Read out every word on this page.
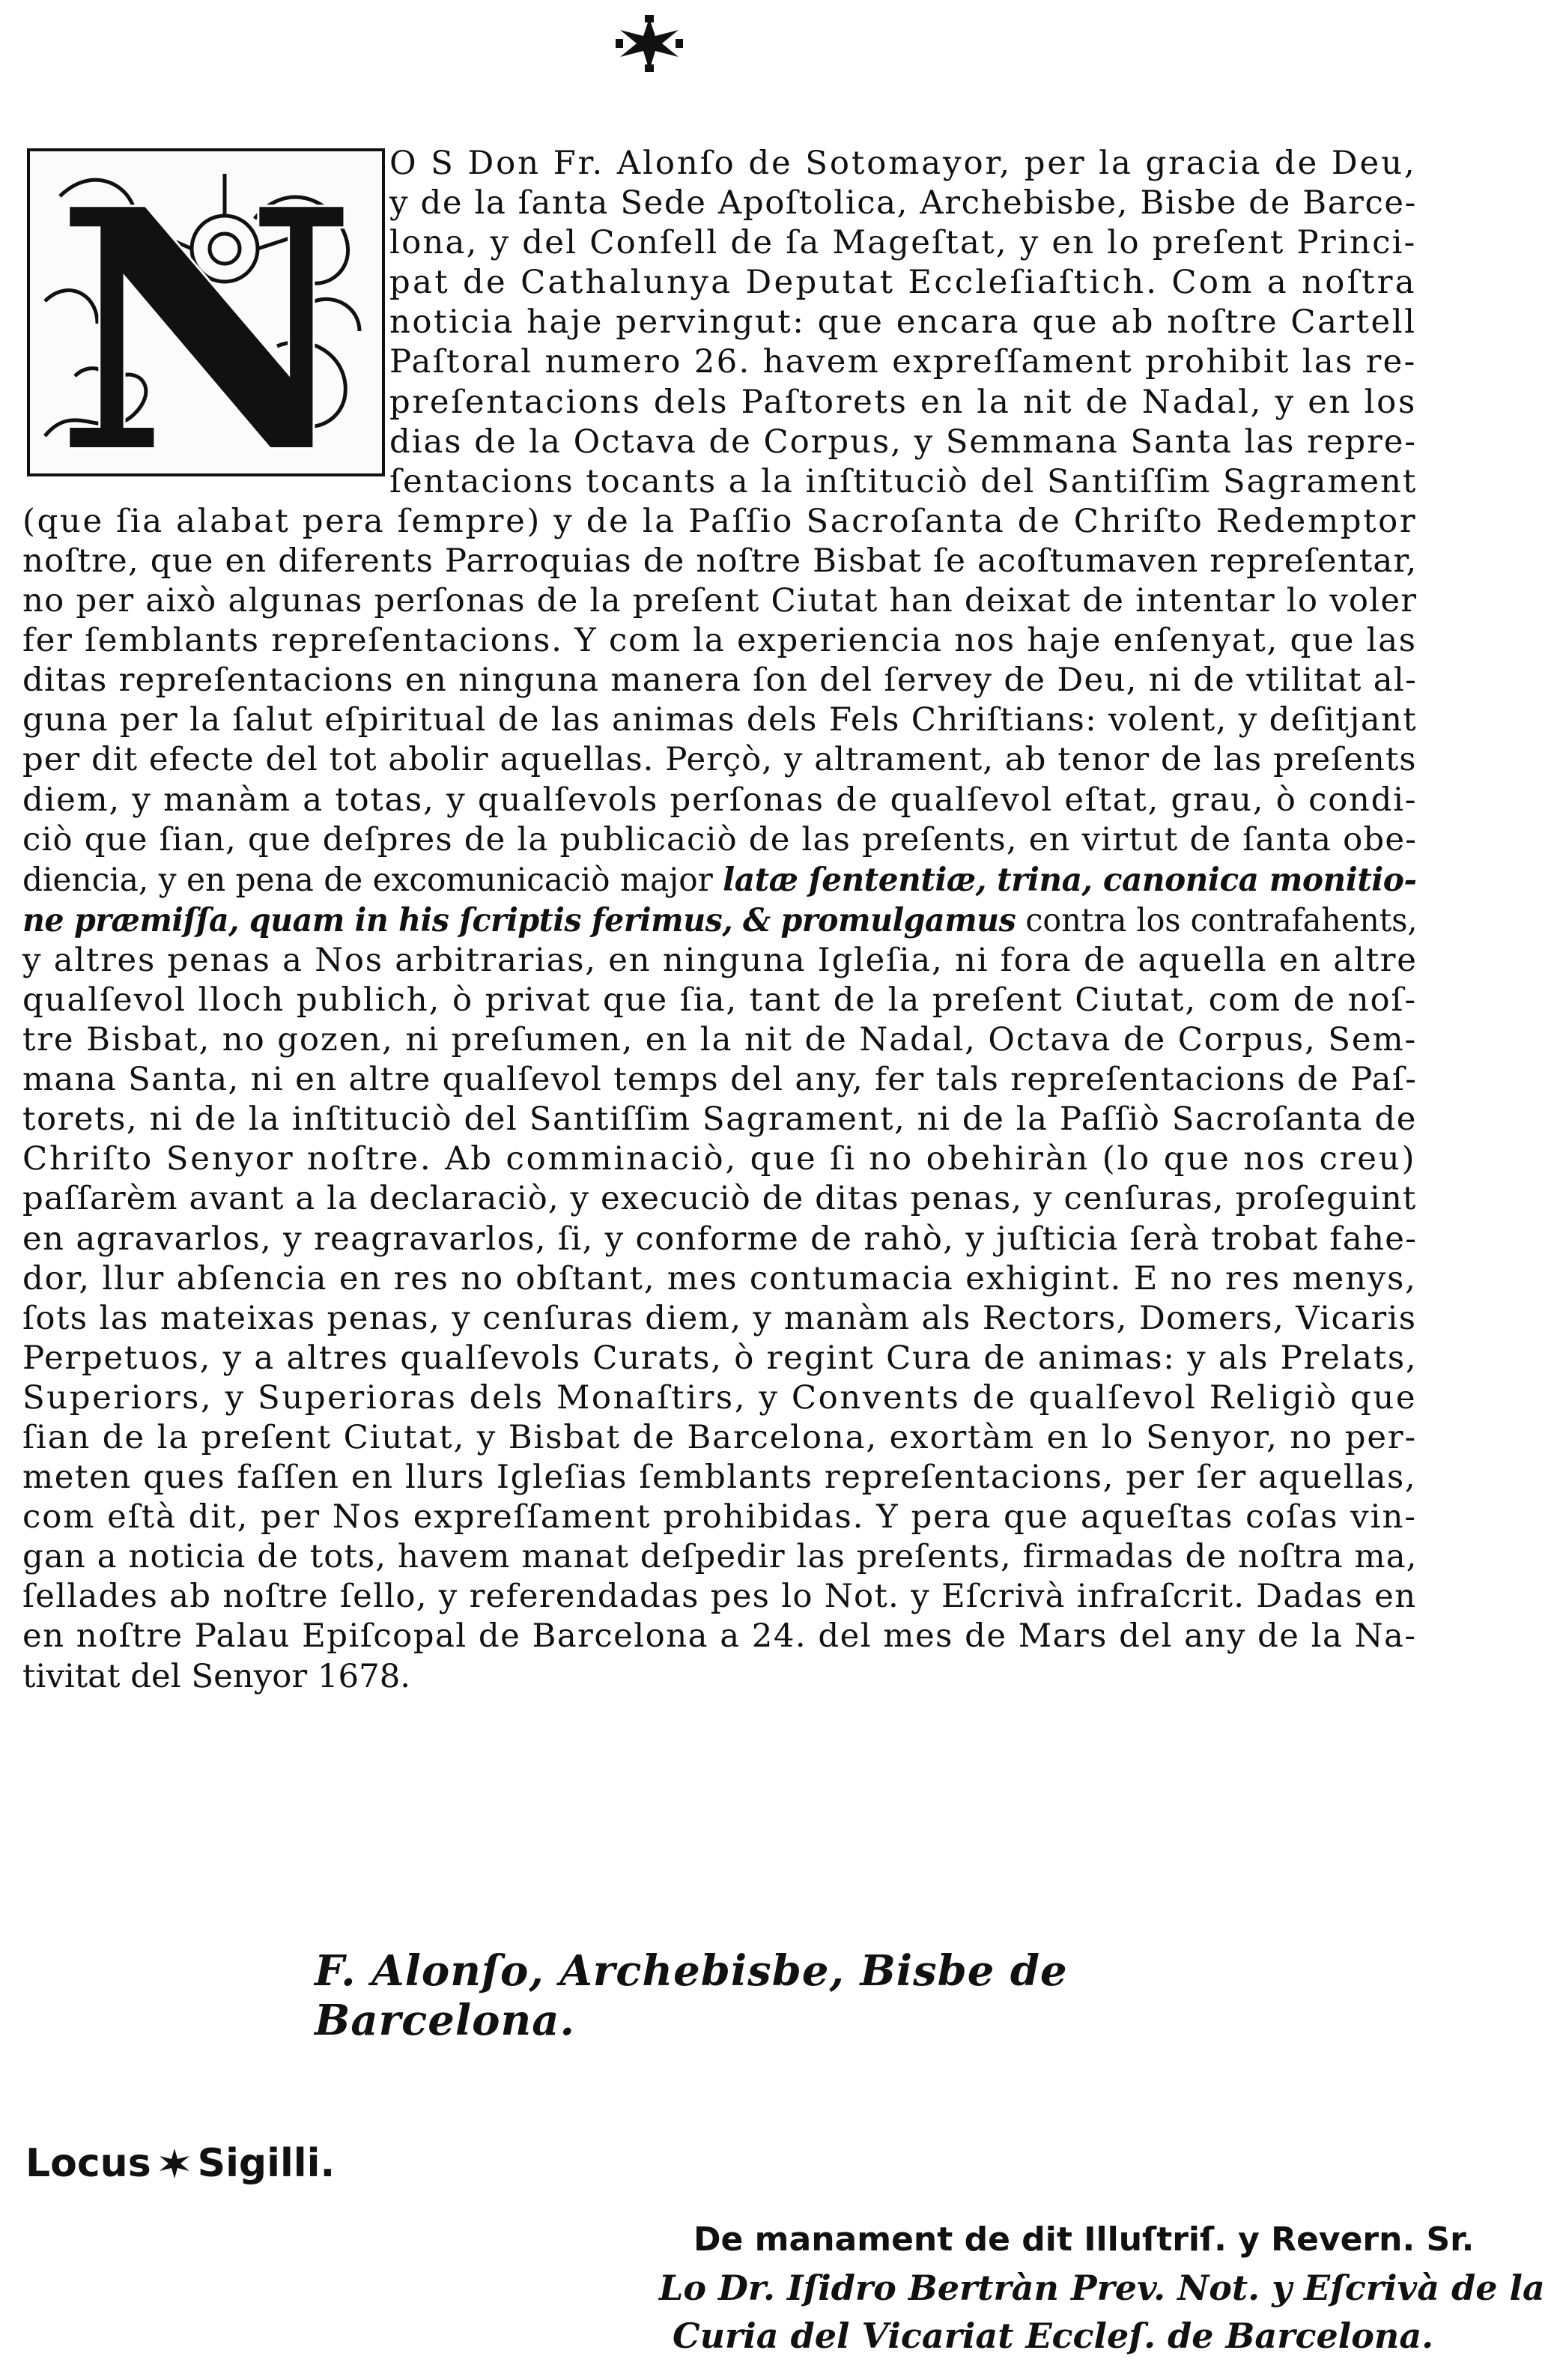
N O S Don Fr. Alonſo de Sotomayor, per la gracia de Deu,
y de la ſanta Sede Apoſtolica, Archebisbe, Bisbe de Barce-
lona, y del Conſell de ſa Mageſtat, y en lo preſent Princi-
pat de Cathalunya Deputat Eccleſiaſtich. Com a noſtra
noticia haje pervingut: que encara que ab noſtre Cartell
Paſtoral numero 26. havem expreſſament prohibit las re-
preſentacions dels Paſtorets en la nit de Nadal, y en los
dias de la Octava de Corpus, y Semmana Santa las repre-
ſentacions tocants a la inſtituciò del Santiſſim Sagrament
(que ſia alabat pera ſempre) y de la Paſſio Sacroſanta de Chriſto Redemptor
noſtre, que en diferents Parroquias de noſtre Bisbat ſe acoſtumaven repreſentar,
no per això algunas perſonas de la preſent Ciutat han deixat de intentar lo voler
fer ſemblants repreſentacions. Y com la experiencia nos haje enſenyat, que las
ditas repreſentacions en ninguna manera ſon del ſervey de Deu, ni de vtilitat al-
guna per la ſalut eſpiritual de las animas dels Fels Chriſtians: volent, y deſitjant
per dit efecte del tot abolir aquellas. Perçò, y altrament, ab tenor de las preſents
diem, y manàm a totas, y qualſevols perſonas de qualſevol eſtat, grau, ò condi-
ciò que ſian, que deſpres de la publicaciò de las preſents, en virtut de ſanta obe-
diencia, y en pena de excomunicaciò major latæ ſententiæ, trina, canonica monitio-
ne præmiſſa, quam in his ſcriptis ferimus, & promulgamus contra los contrafahents,
y altres penas a Nos arbitrarias, en ninguna Igleſia, ni fora de aquella en altre
qualſevol lloch publich, ò privat que ſia, tant de la preſent Ciutat, com de noſ-
tre Bisbat, no gozen, ni preſumen, en la nit de Nadal, Octava de Corpus, Sem-
mana Santa, ni en altre qualſevol temps del any, fer tals repreſentacions de Paſ-
torets, ni de la inſtituciò del Santiſſim Sagrament, ni de la Paſſiò Sacroſanta de
Chriſto Senyor noſtre. Ab comminaciò, que ſi no obehiràn (lo que nos creu)
paſſarèm avant a la declaraciò, y execuciò de ditas penas, y cenſuras, proſeguint
en agravarlos, y reagravarlos, ſi, y conforme de rahò, y juſticia ſerà trobat fahe-
dor, llur abſencia en res no obſtant, mes contumacia exhigint. E no res menys,
ſots las mateixas penas, y cenſuras diem, y manàm als Rectors, Domers, Vicaris
Perpetuos, y a altres qualſevols Curats, ò regint Cura de animas: y als Prelats,
Superiors, y Superioras dels Monaſtirs, y Convents de qualſevol Religiò que
ſian de la preſent Ciutat, y Bisbat de Barcelona, exortàm en lo Senyor, no per-
meten ques faſſen en llurs Igleſias ſemblants repreſentacions, per ſer aquellas,
com eſtà dit, per Nos expreſſament prohibidas. Y pera que aqueſtas coſas vin-
gan a noticia de tots, havem manat deſpedir las preſents, firmadas de noſtra ma,
ſellades ab noſtre ſello, y referendadas pes lo Not. y Eſcrivà infraſcrit. Dadas en
en noſtre Palau Epiſcopal de Barcelona a 24. del mes de Mars del any de la Na-
tivitat del Senyor 1678.
F. Alonſo, Archebisbe, Bisbe de Barcelona.
Locus Sigilli.
De manament de dit Illuſtriſ. y Revern. Sr.
Lo Dr. Iſidro Bertràn Prev. Not. y Eſcrivà de la
Curia del Vicariat Eccleſ. de Barcelona.
